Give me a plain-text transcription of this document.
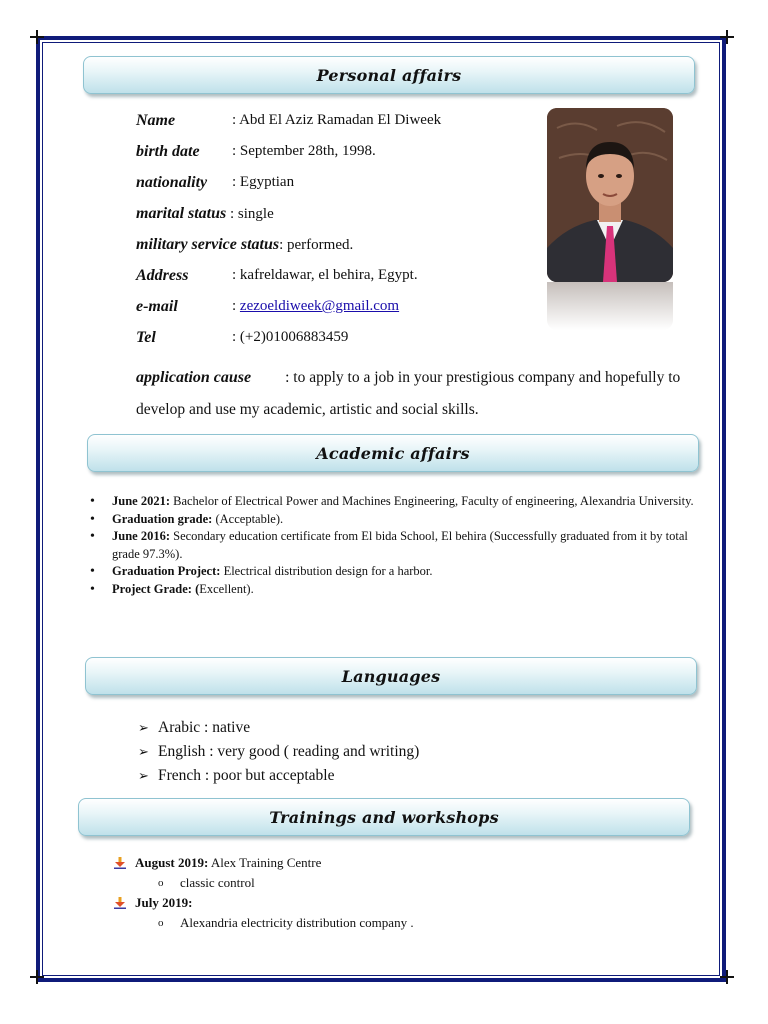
Personal affairs
Name	: Abd El Aziz Ramadan El Diweek
birth date : September 28th, 1998.
nationality : Egyptian
marital status : single
military service status: performed.
Address	: kafreldawar, el behira, Egypt.
e-mail	: zezoeldiweek@gmail.com
Tel	: (+2)01006883459
application cause : to apply to a job in your prestigious company and hopefully to develop and use my academic, artistic and social skills.
Academic affairs
• June 2021: Bachelor of Electrical Power and Machines Engineering, Faculty of engineering, Alexandria University.
• Graduation grade: (Acceptable).
• June 2016: Secondary education certificate from El bida School, El behira (Successfully graduated from it by total grade 97.3%).
• Graduation Project: Electrical distribution design for a harbor.
• Project Grade: (Excellent).
Languages
➢ Arabic : native
➢ English : very good ( reading and writing)
➢ French : poor but acceptable
Trainings and workshops
August 2019: Alex Training Centre
o classic control
July 2019:
o Alexandria electricity distribution company .
